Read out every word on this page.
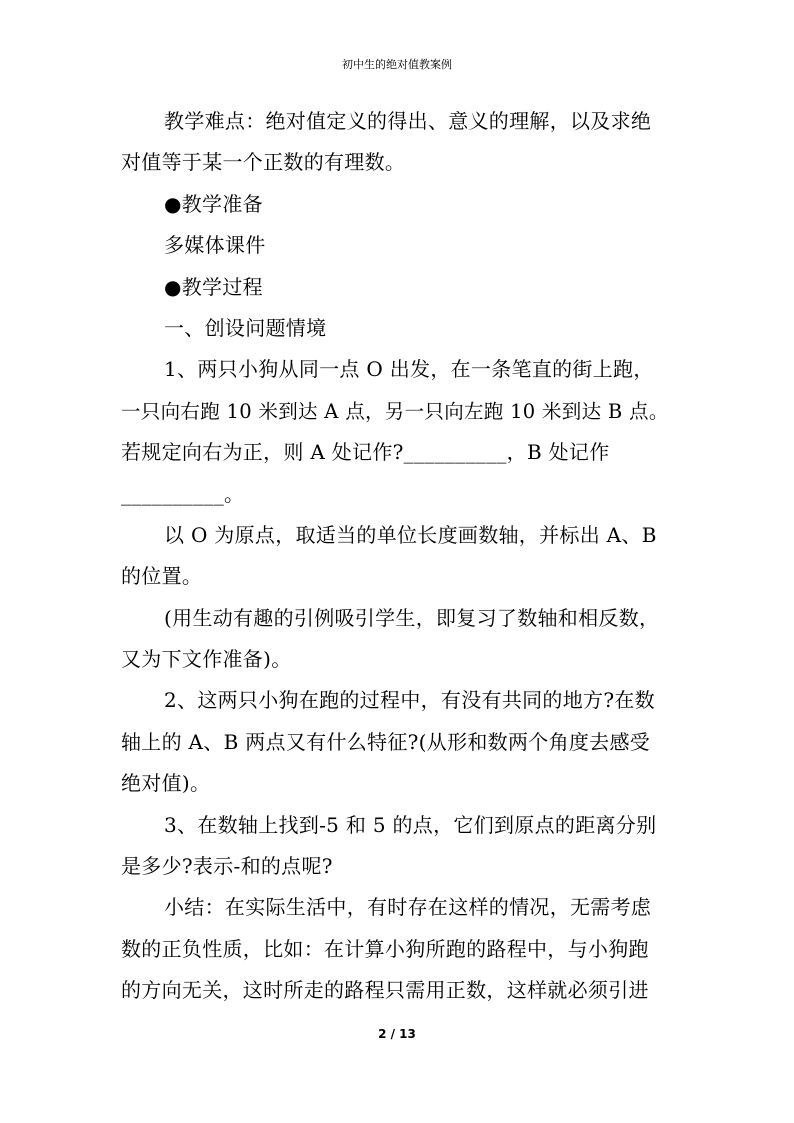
初中生的绝对值教案例
教学难点：绝对值定义的得出、意义的理解，以及求绝
对值等于某一个正数的有理数。
●教学准备
多媒体课件
●教学过程
一、创设问题情境
1、两只小狗从同一点 O 出发，在一条笔直的街上跑，
一只向右跑 10 米到达 A 点，另一只向左跑 10 米到达 B 点。
若规定向右为正，则 A 处记作?__________，B 处记作
__________。
以 O 为原点，取适当的单位长度画数轴，并标出 A、B
的位置。
(用生动有趣的引例吸引学生，即复习了数轴和相反数，
又为下文作准备)。
2、这两只小狗在跑的过程中，有没有共同的地方?在数
轴上的 A、B 两点又有什么特征?(从形和数两个角度去感受
绝对值)。
3、在数轴上找到-5 和 5 的点，它们到原点的距离分别
是多少?表示-和的点呢?
小结：在实际生活中，有时存在这样的情况，无需考虑
数的正负性质，比如：在计算小狗所跑的路程中，与小狗跑
的方向无关，这时所走的路程只需用正数，这样就必须引进
2 / 13
